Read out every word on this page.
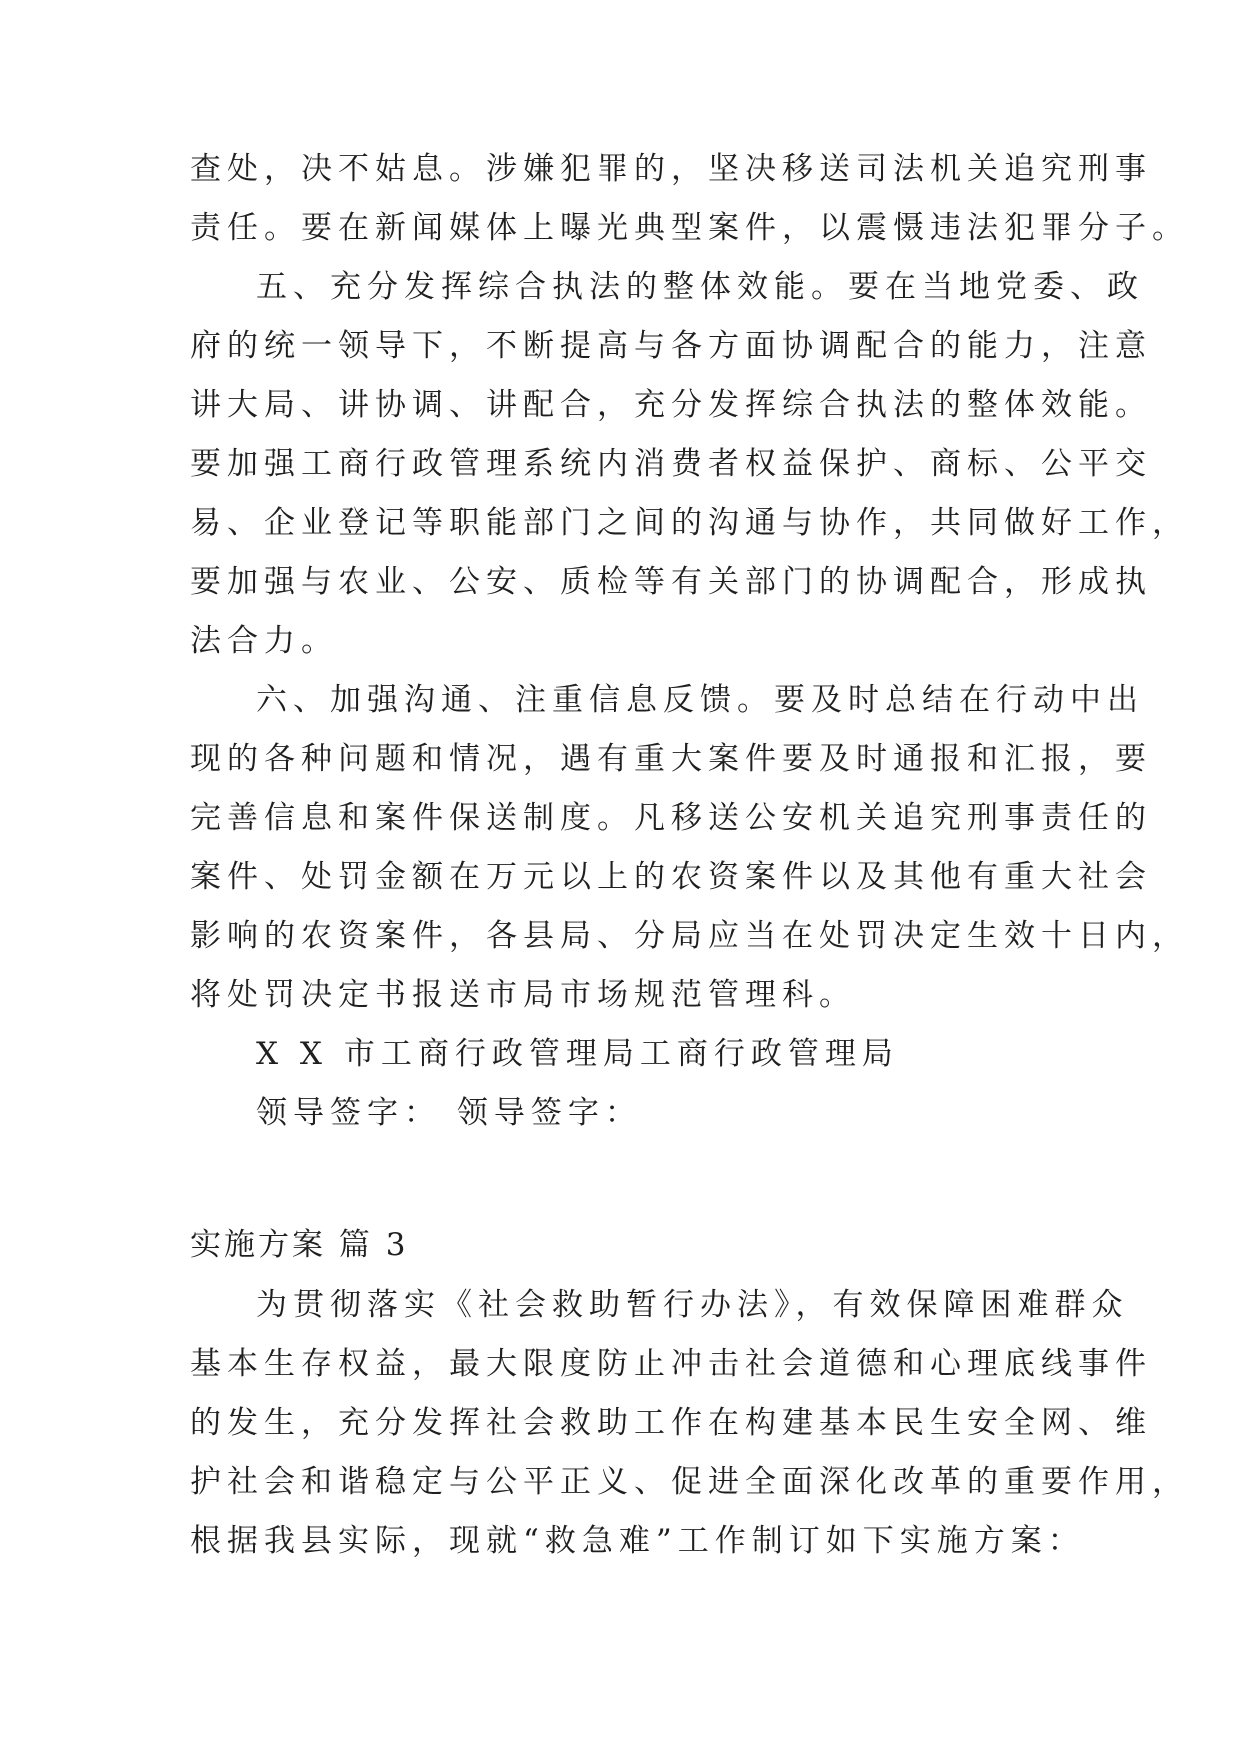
查处，决不姑息。涉嫌犯罪的，坚决移送司法机关追究刑事
责任。要在新闻媒体上曝光典型案件，以震慑违法犯罪分子。
五、充分发挥综合执法的整体效能。要在当地党委、政
府的统一领导下，不断提高与各方面协调配合的能力，注意
讲大局、讲协调、讲配合，充分发挥综合执法的整体效能。
要加强工商行政管理系统内消费者权益保护、商标、公平交
易、企业登记等职能部门之间的沟通与协作，共同做好工作，
要加强与农业、公安、质检等有关部门的协调配合，形成执
法合力。
六、加强沟通、注重信息反馈。要及时总结在行动中出
现的各种问题和情况，遇有重大案件要及时通报和汇报，要
完善信息和案件保送制度。凡移送公安机关追究刑事责任的
案件、处罚金额在万元以上的农资案件以及其他有重大社会
影响的农资案件，各县局、分局应当在处罚决定生效十日内，
将处罚决定书报送市局市场规范管理科。
X X 市工商行政管理局工商行政管理局
领导签字： 领导签字：
实施方案 篇 3
为贯彻落实《社会救助暂行办法》，有效保障困难群众
基本生存权益，最大限度防止冲击社会道德和心理底线事件
的发生，充分发挥社会救助工作在构建基本民生安全网、维
护社会和谐稳定与公平正义、促进全面深化改革的重要作用，
根据我县实际，现就“救急难”工作制订如下实施方案：
